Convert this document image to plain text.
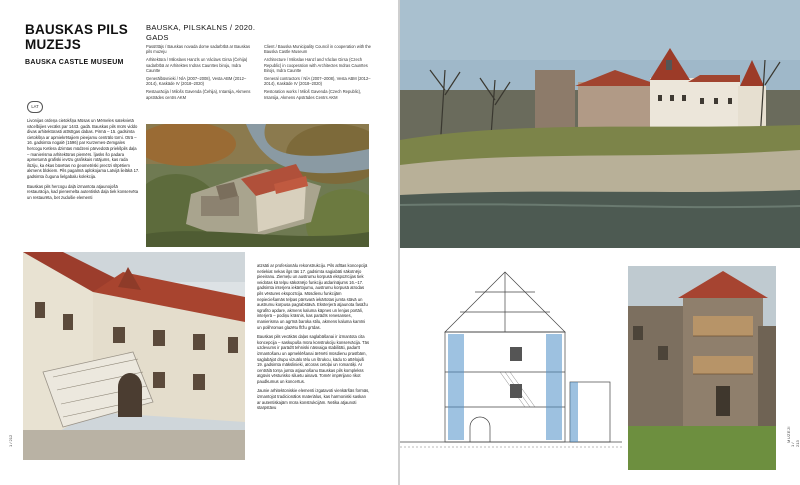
BAUSKAS PILS MUZEJS
BAUSKA CASTLE MUSEUM
BAUSKA, PILSKALNS / 2020. GADS

Pasūtītājs / Bauskas novada dome sadarbībā ar Bauskas pils muzeju

Arhitektūra / Miloslavs Hanzls un Václavs Girsa (Čehija) sadarbībā ar Arhitektes Indras Caunītes biroju, Indra Caunīte

Ģenerālbūvnieki / NĪA (2007–2008), Vesta ABM (2012–2014), Kaskāde IV (2018–2020)

Restaurācija / Milošs Gavenda (Čehija), Intarsija, Akmens apstrādes centrs AKM

Client / Bauska Municipality Council in cooperation with the Bauska Castle Museum

Architecture / Miloslav Hanzl and Václav Girsa (Czech Republic) in cooperation with Architectes Indras Caunītes Birojs, Indra Caunīte

General contractors / NĪA (2007–2008), Vesta ABM (2012–2014), Kaskāde IV (2018–2020)

Restoration works / Miloš Gavenda (Czech Republic), Intarsija, Akmens Apstrādes Centrs AKM

LAT

Livonijas ordeņa cietokšņa Mūsas un Mēmeles satekvietā vācelbijies vecāks par 1443. gadā. Bauskas pils mūrs viddo divas arhitektūrasti attīstīgas dabas. Pirmā – 15. gadsimta cietokšņa ar apmiekrētajiem pieejamu centrālo torni. Otrā – 16. gadsimta nogalē (1596) par Kurzemes-Zemgales hercogu Ketlera dzimtas mūdzeni pārvedotā priekšpils daļa – manierisma arhitektūras piemērs. Ījasks šo padara apmetumā grafiski ievīzu grafiskais rotājums, kas rada ilūziju, ka ēkas būvētas no ģeometriski precīzi slīpētiem akmens blokiem. Pils pagalmā aplūkojama Latvijā lielākā 17. gadsimta čuguna lielgabalu kolekcija.

Bauskas pils hercogu daļā izmantota atjaunojošā restaurācija, kad pienemelta autentiskā daļa tiek konservēta un restaurēta, bet zudušie elementi

atzsāti ar profesionālu rekonstrukciju. Pils atlītas koncepcijā netiekiat nekas ilgs tās 17. gadsimta sagiabāti sākotnējo pieeiranu. Ziemeļu un austrumu korpusā ekspozīcijas tiek veidotas kā telpu sākotnējo funkciju atdarinājums 16.–17. gadsimta interjera iekārtojumu, austrumu korpusā atrodas pils vēstures ekspozīcija. Mūsdienu funkcijām nepieciešamās telpas pārsvarā iekārtotas jumta stāvā un austrumu korpusa pagrabstāvā. Eksterjerā atjaunota fasāžu sgrafito apdare, akmens kaluma kāpnes un lenjas portāli, interjerā – podiņu krāsnis, kas parādīs renesanses, manierisma un agrīnā baroka stilu, akmens kaluma kamīni un polihromas glazētu flīžu grīdas.

Bauskas pils vecākās daļas saglabāšanai ir izmantota cita koncepcija – saskupuša mūra konstrukciju konservācija. Tās uzdevums ir parādīt tehniski nāsvaiga stabilitāti, padarīt izmantošanu un apmeklēšanai ārēnēti mūsdienu prasībām, saglabājot drupu vizuālo tēlu un štrukcu, kādu to attēlojuši 19. gadsimta mākslinieki, aīcoras cetoļai un romantiķi. Ar centrālā torņa jumta atjaunošanu Bauskas pils komplekss atgūvis vēsturisko siluetu ainavā. Tomēr impērijano rikot paudkumus un koncertus.

Jaunie arhitektoniskie elementi izgatavoti vienkāršās formās, izmantojot tradicionālos materiālus, kas harmoniski saskan ar autentiskajām mūra konstrukcijām. Netika atjaunoti starpstāvu

1 / 212	MUZEJI
1 / 213
